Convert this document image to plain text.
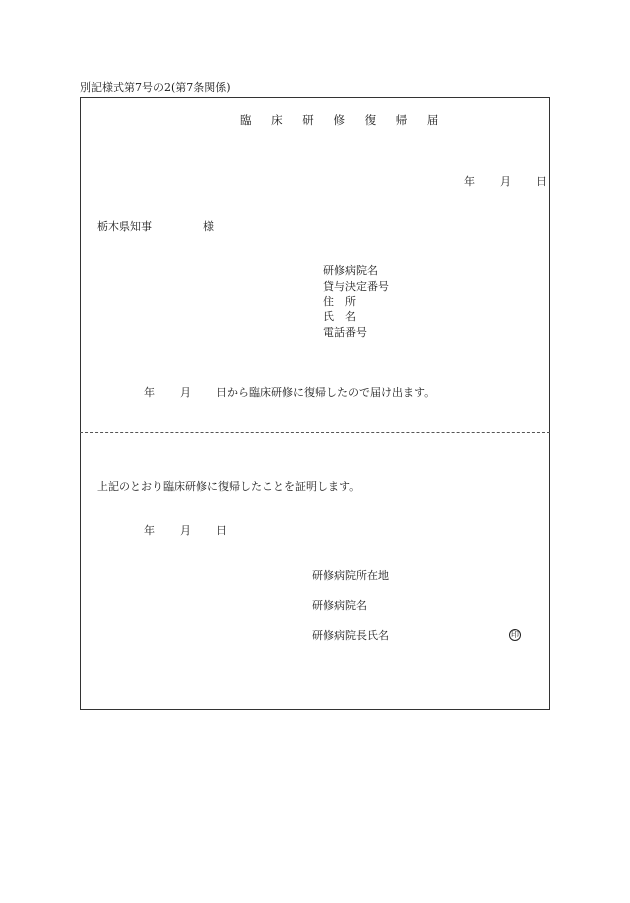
別記様式第7号の2(第7条関係)
臨 床 研 修 復 帰 届
年 月 日
栃木県知事	様
研修病院名
貸与決定番号
住　所
氏　名
電話番号
年 月 日から臨床研修に復帰したので届け出ます。
上記のとおり臨床研修に復帰したことを証明します。
年 月 日
研修病院所在地
研修病院名
研修病院長氏名	印
